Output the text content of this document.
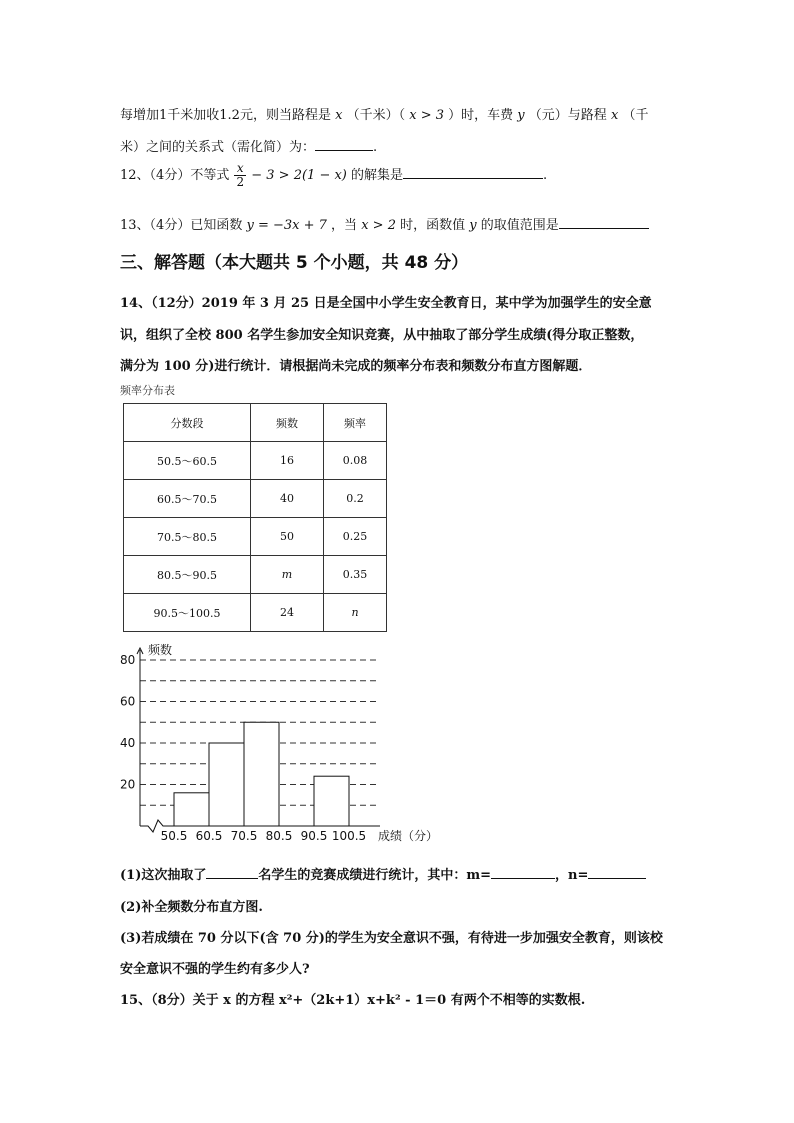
每增加1千米加收1.2元，则当路程是 x （千米）（ x > 3 ）时，车费 y （元）与路程 x （千
米）之间的关系式（需化简）为：	.
12、（4分）不等式 $\frac{x}{2} - 3 > 2(1 - x)$ 的解集是	.
13、（4分）已知函数 y = −3x + 7 ，当 x > 2 时，函数值 y 的取值范围是
三、解答题（本大题共 5 个小题，共 48 分）
14、（12分）2019 年 3 月 25 日是全国中小学生安全教育日，某中学为加强学生的安全意
识，组织了全校 800 名学生参加安全知识竞赛，从中抽取了部分学生成绩(得分取正整数，
满分为 100 分)进行统计．请根据尚未完成的频率分布表和频数分布直方图解题．
频率分布表
分数段	频数	频率
50.5～60.5	16	0.08
60.5～70.5	40	0.2
70.5～80.5	50	0.25
80.5～90.5	m	0.35
90.5～100.5	24	n
20
40
60
80
50.5 60.5 70.5 80.5 90.5 100.5
频数
成绩（分）
(1)这次抽取了	名学生的竞赛成绩进行统计，其中：m=	，n=
(2)补全频数分布直方图.
(3)若成绩在 70 分以下(含 70 分)的学生为安全意识不强，有待进一步加强安全教育，则该校
安全意识不强的学生约有多少人?
15、（8分）关于 x 的方程 x²+（2k+1）x+k² - 1＝0 有两个不相等的实数根.
